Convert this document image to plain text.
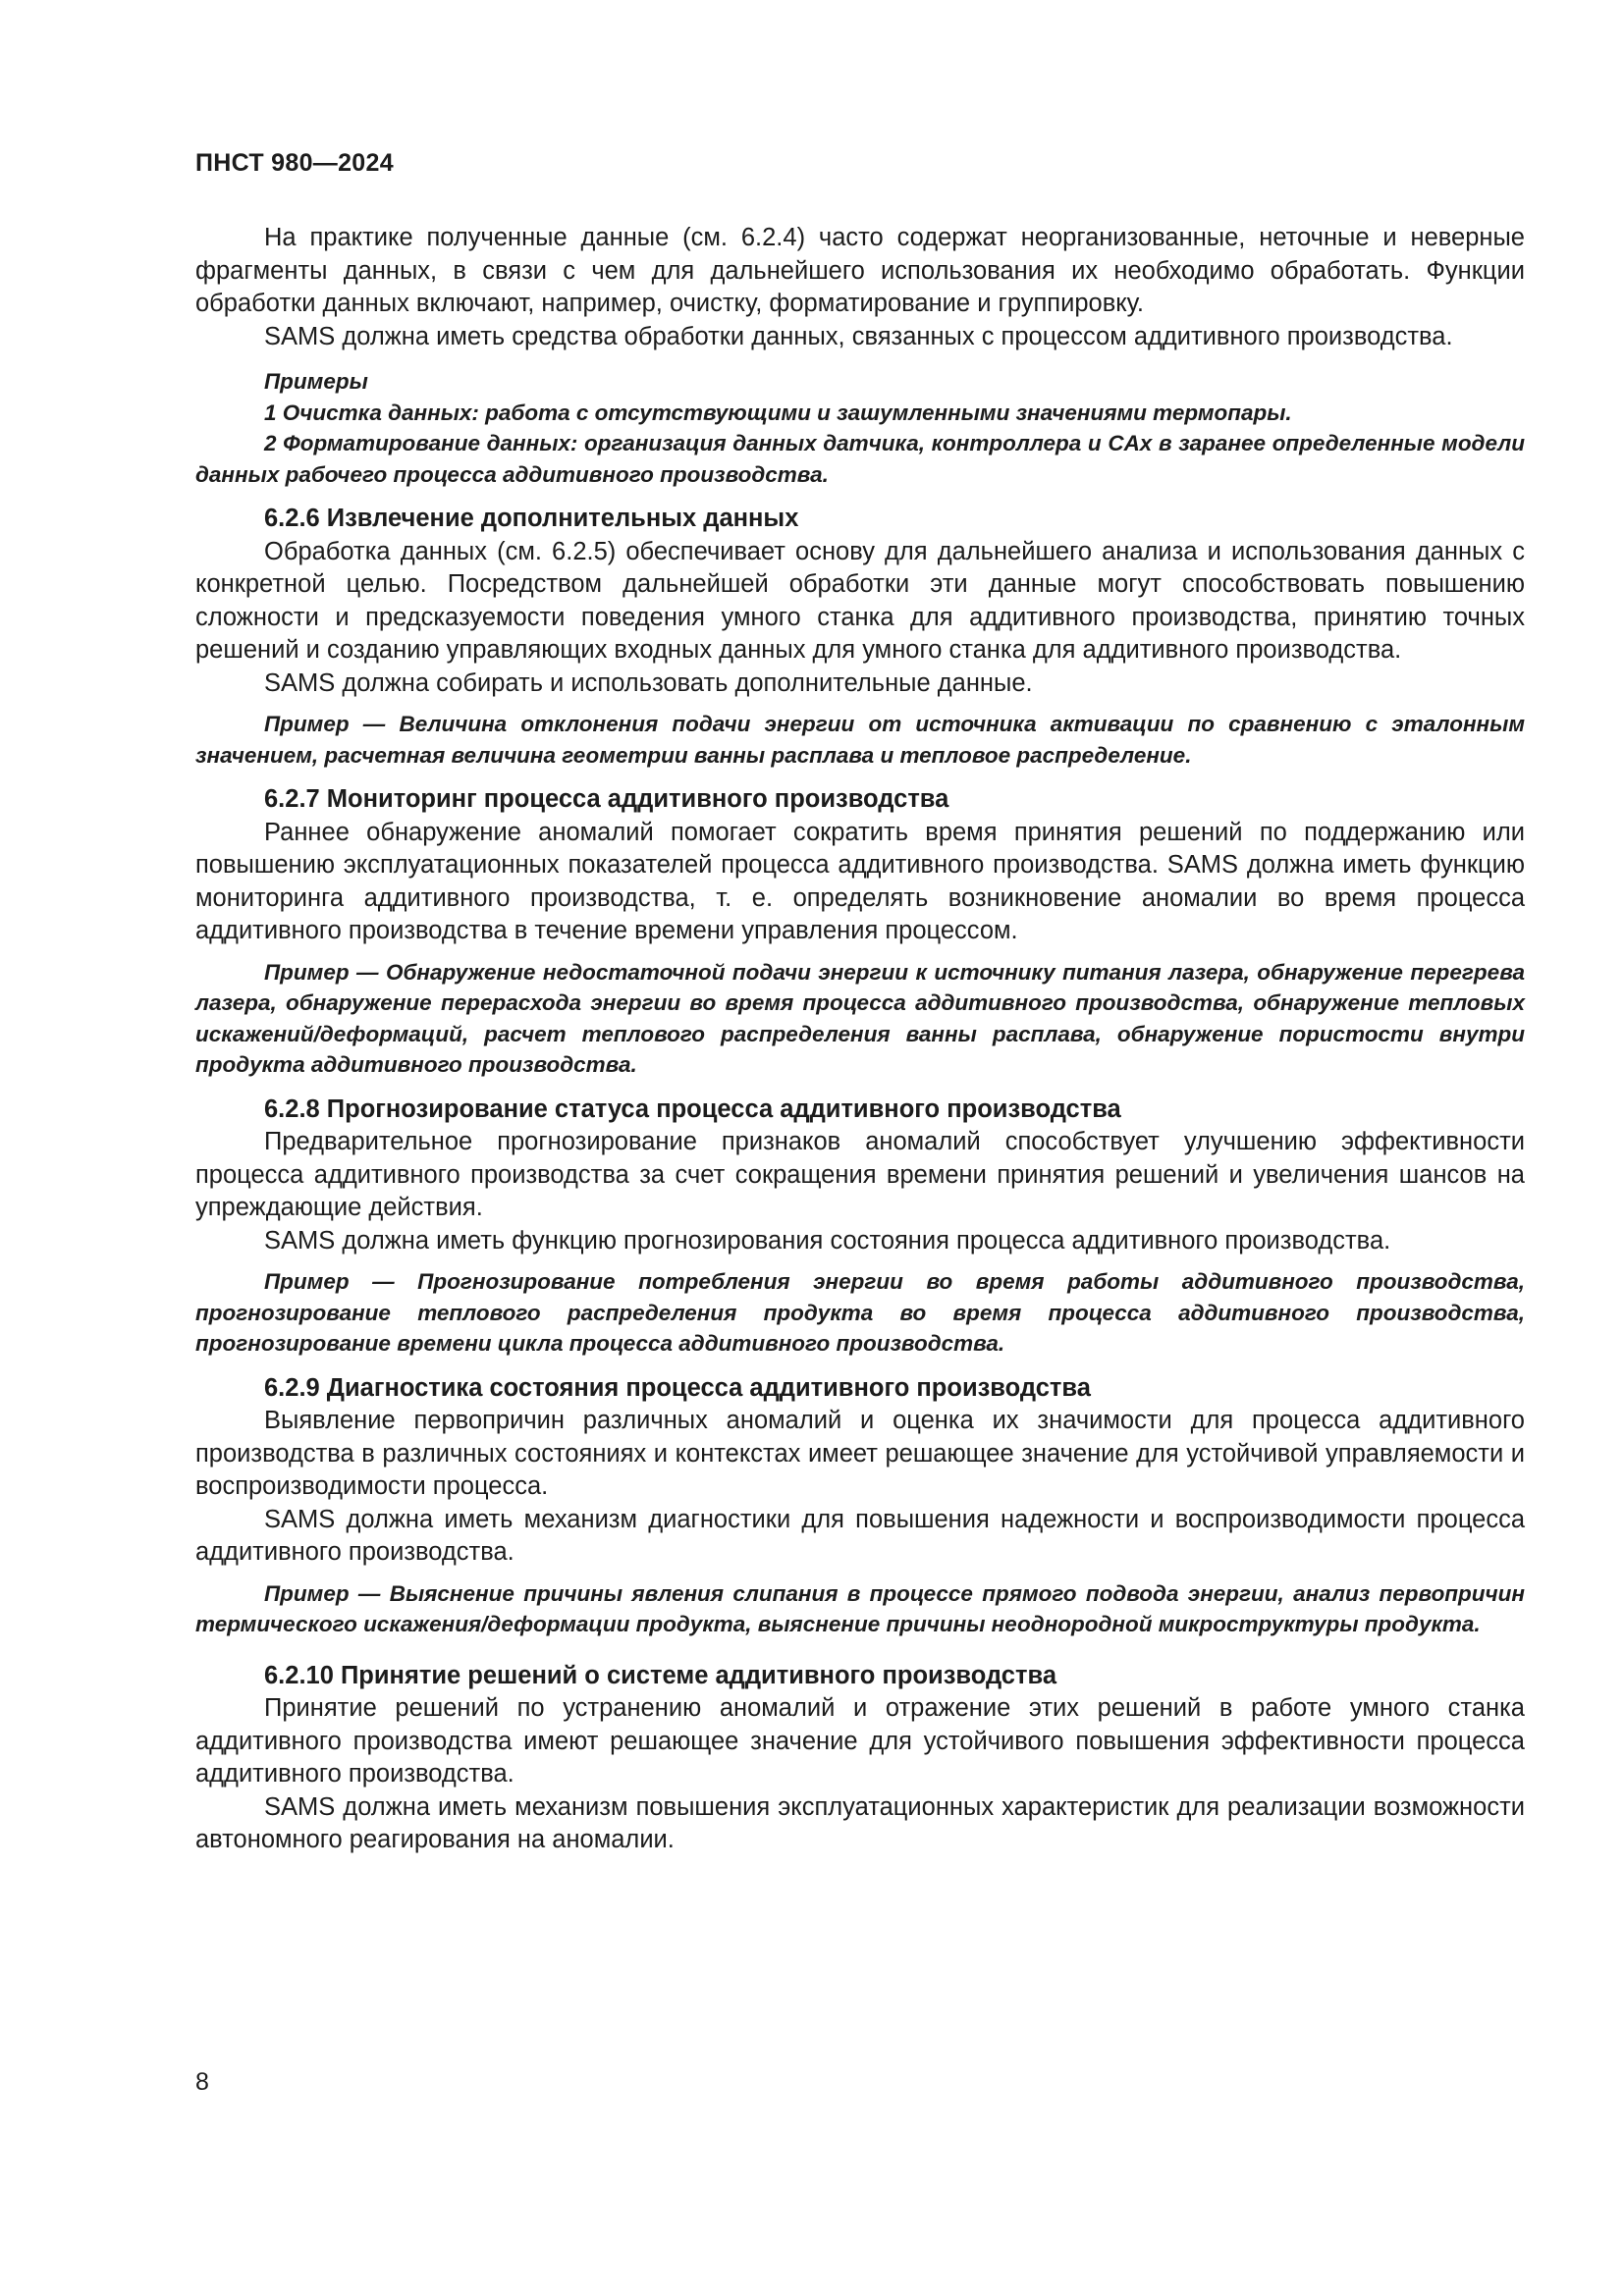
ПНСТ 980—2024

На практике полученные данные (см. 6.2.4) часто содержат неорганизованные, неточные и неверные фрагменты данных, в связи с чем для дальнейшего использования их необходимо обработать. Функции обработки данных включают, например, очистку, форматирование и группировку.

SAMS должна иметь средства обработки данных, связанных с процессом аддитивного производства.

Примеры

1 Очистка данных: работа с отсутствующими и зашумленными значениями термопары.

2 Форматирование данных: организация данных датчика, контроллера и CAx в заранее определенные модели данных рабочего процесса аддитивного производства.

6.2.6 Извлечение дополнительных данных

Обработка данных (см. 6.2.5) обеспечивает основу для дальнейшего анализа и использования данных с конкретной целью. Посредством дальнейшей обработки эти данные могут способствовать повышению сложности и предсказуемости поведения умного станка для аддитивного производства, принятию точных решений и созданию управляющих входных данных для умного станка для аддитивного производства.

SAMS должна собирать и использовать дополнительные данные.

Пример — Величина отклонения подачи энергии от источника активации по сравнению с эталонным значением, расчетная величина геометрии ванны расплава и тепловое распределение.

6.2.7 Мониторинг процесса аддитивного производства

Раннее обнаружение аномалий помогает сократить время принятия решений по поддержанию или повышению эксплуатационных показателей процесса аддитивного производства. SAMS должна иметь функцию мониторинга аддитивного производства, т. е. определять возникновение аномалии во время процесса аддитивного производства в течение времени управления процессом.

Пример — Обнаружение недостаточной подачи энергии к источнику питания лазера, обнаружение перегрева лазера, обнаружение перерасхода энергии во время процесса аддитивного производства, обнаружение тепловых искажений/деформаций, расчет теплового распределения ванны расплава, обнаружение пористости внутри продукта аддитивного производства.

6.2.8 Прогнозирование статуса процесса аддитивного производства

Предварительное прогнозирование признаков аномалий способствует улучшению эффективности процесса аддитивного производства за счет сокращения времени принятия решений и увеличения шансов на упреждающие действия.

SAMS должна иметь функцию прогнозирования состояния процесса аддитивного производства.

Пример — Прогнозирование потребления энергии во время работы аддитивного производства, прогнозирование теплового распределения продукта во время процесса аддитивного производства, прогнозирование времени цикла процесса аддитивного производства.

6.2.9 Диагностика состояния процесса аддитивного производства

Выявление первопричин различных аномалий и оценка их значимости для процесса аддитивного производства в различных состояниях и контекстах имеет решающее значение для устойчивой управляемости и воспроизводимости процесса.

SAMS должна иметь механизм диагностики для повышения надежности и воспроизводимости процесса аддитивного производства.

Пример — Выяснение причины явления слипания в процессе прямого подвода энергии, анализ первопричин термического искажения/деформации продукта, выяснение причины неоднородной микроструктуры продукта.

6.2.10 Принятие решений о системе аддитивного производства

Принятие решений по устранению аномалий и отражение этих решений в работе умного станка аддитивного производства имеют решающее значение для устойчивого повышения эффективности процесса аддитивного производства.

SAMS должна иметь механизм повышения эксплуатационных характеристик для реализации возможности автономного реагирования на аномалии.

8
